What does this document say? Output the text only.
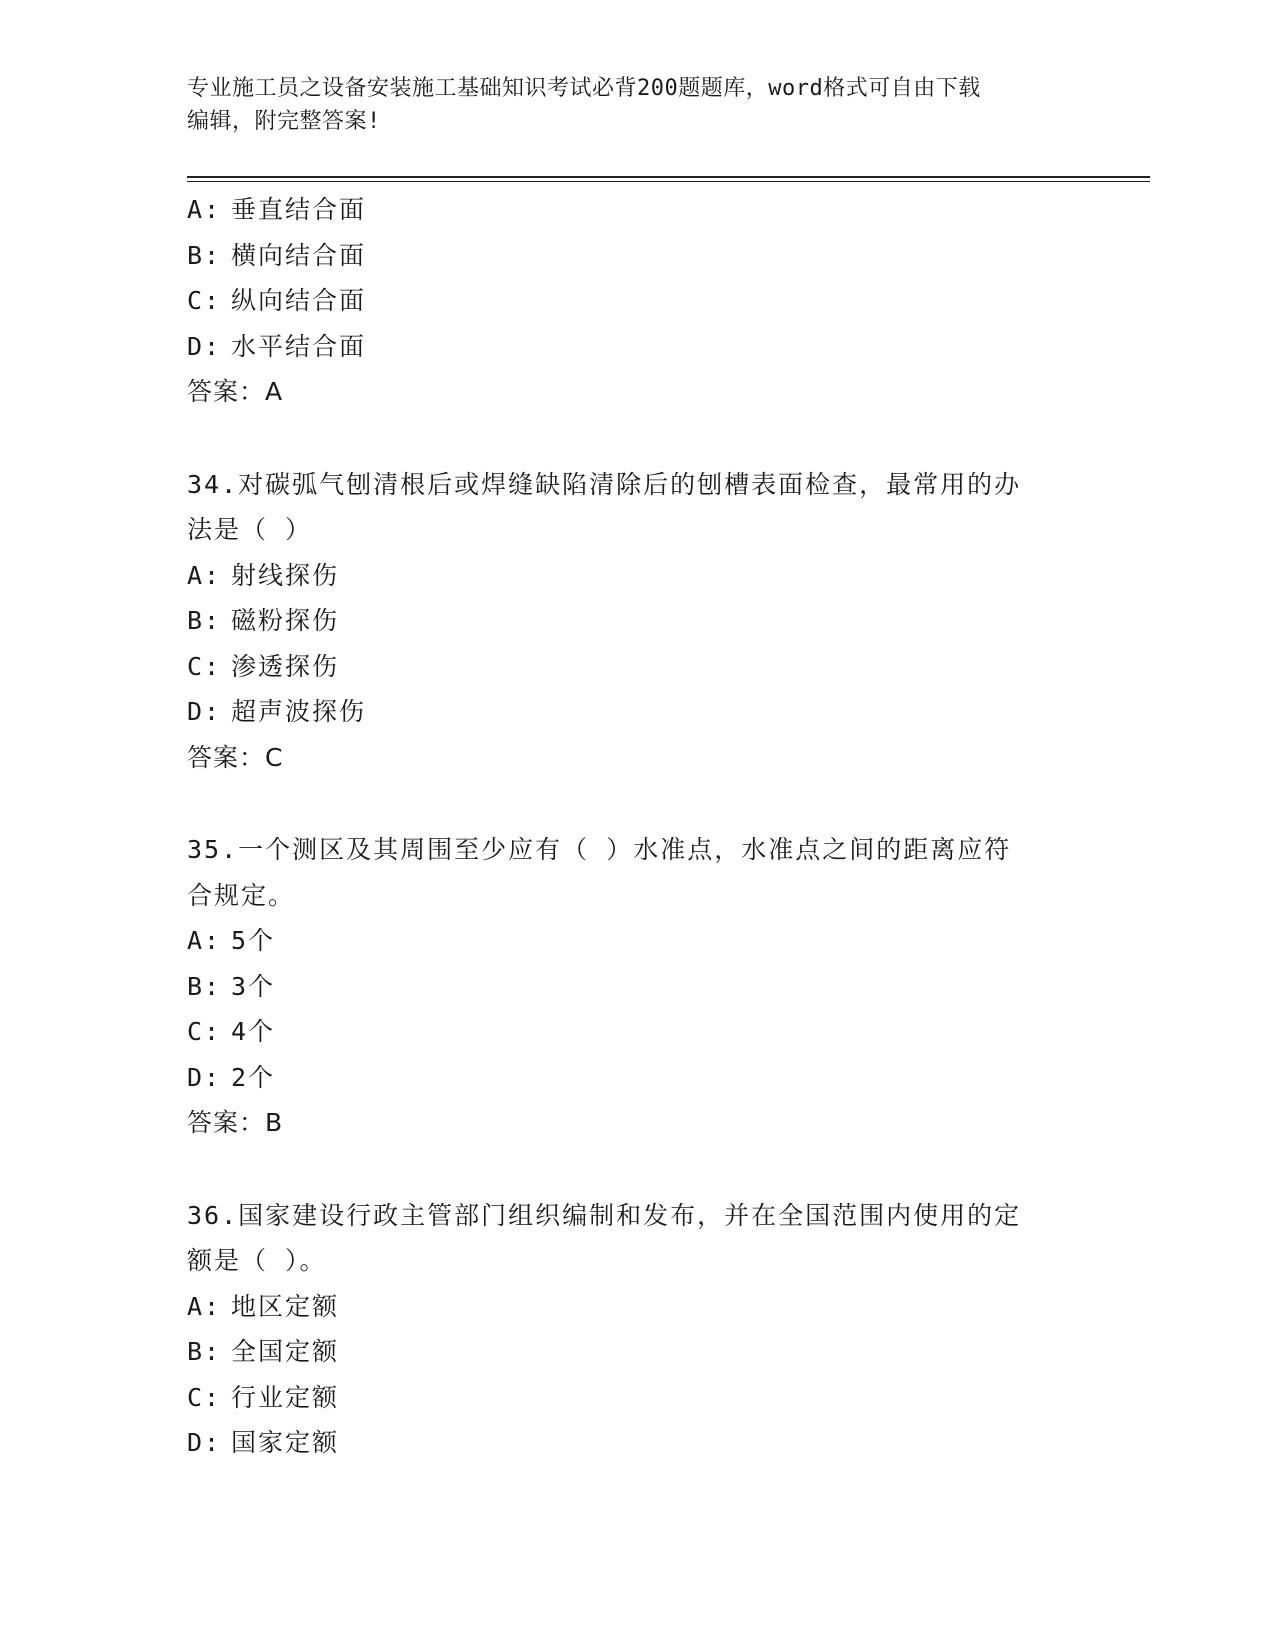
专业施工员之设备安装施工基础知识考试必背200题题库，word格式可自由下载
编辑，附完整答案!
A: 垂直结合面
B: 横向结合面
C: 纵向结合面
D: 水平结合面
答案：A
34.对碳弧气刨清根后或焊缝缺陷清除后的刨槽表面检查，最常用的办
法是（ ）
A: 射线探伤
B: 磁粉探伤
C: 渗透探伤
D: 超声波探伤
答案：C
35.一个测区及其周围至少应有（ ）水准点，水准点之间的距离应符
合规定。
A: 5个
B: 3个
C: 4个
D: 2个
答案：B
36.国家建设行政主管部门组织编制和发布，并在全国范围内使用的定
额是（ ）。
A: 地区定额
B: 全国定额
C: 行业定额
D: 国家定额
